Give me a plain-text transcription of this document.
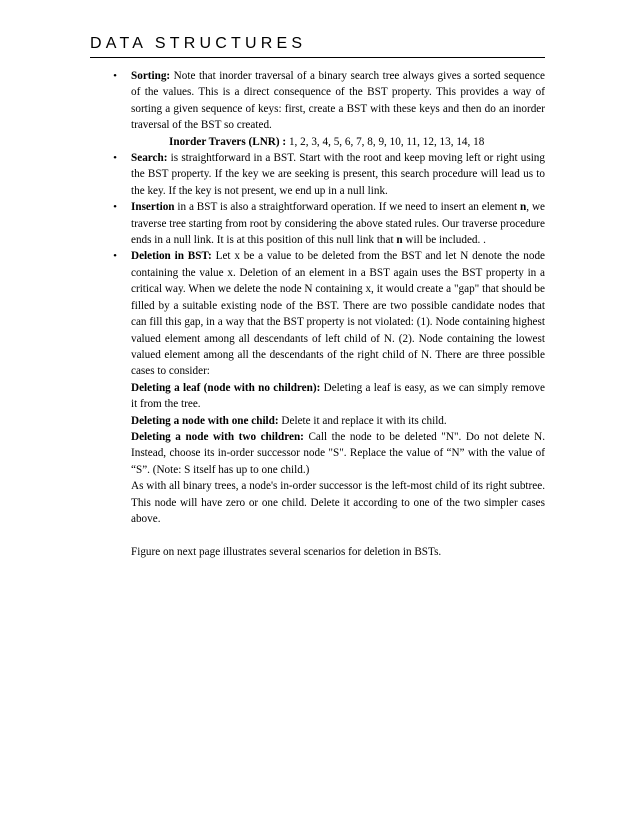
DATA STRUCTURES
• Sorting: Note that inorder traversal of a binary search tree always gives a sorted sequence of the values. This is a direct consequence of the BST property. This provides a way of sorting a given sequence of keys: first, create a BST with these keys and then do an inorder traversal of the BST so created.

Inorder Travers (LNR) : 1, 2, 3, 4, 5, 6, 7, 8, 9, 10, 11, 12, 13, 14, 18

• Search: is straightforward in a BST. Start with the root and keep moving left or right using the BST property. If the key we are seeking is present, this search procedure will lead us to the key. If the key is not present, we end up in a null link.

• Insertion in a BST is also a straightforward operation. If we need to insert an element n, we traverse tree starting from root by considering the above stated rules. Our traverse procedure ends in a null link. It is at this position of this null link that n will be included. .

• Deletion in BST: Let x be a value to be deleted from the BST and let N denote the node containing the value x. Deletion of an element in a BST again uses the BST property in a critical way. When we delete the node N containing x, it would create a "gap" that should be filled by a suitable existing node of the BST. There are two possible candidate nodes that can fill this gap, in a way that the BST property is not violated: (1). Node containing highest valued element among all descendants of left child of N. (2). Node containing the lowest valued element among all the descendants of the right child of N. There are three possible cases to consider:

Deleting a leaf (node with no children): Deleting a leaf is easy, as we can simply remove it from the tree.

Deleting a node with one child: Delete it and replace it with its child.

Deleting a node with two children: Call the node to be deleted "N". Do not delete N. Instead, choose its in-order successor node "S". Replace the value of “N” with the value of “S”. (Note: S itself has up to one child.)

As with all binary trees, a node's in-order successor is the left-most child of its right subtree. This node will have zero or one child. Delete it according to one of the two simpler cases above.

Figure on next page illustrates several scenarios for deletion in BSTs.
